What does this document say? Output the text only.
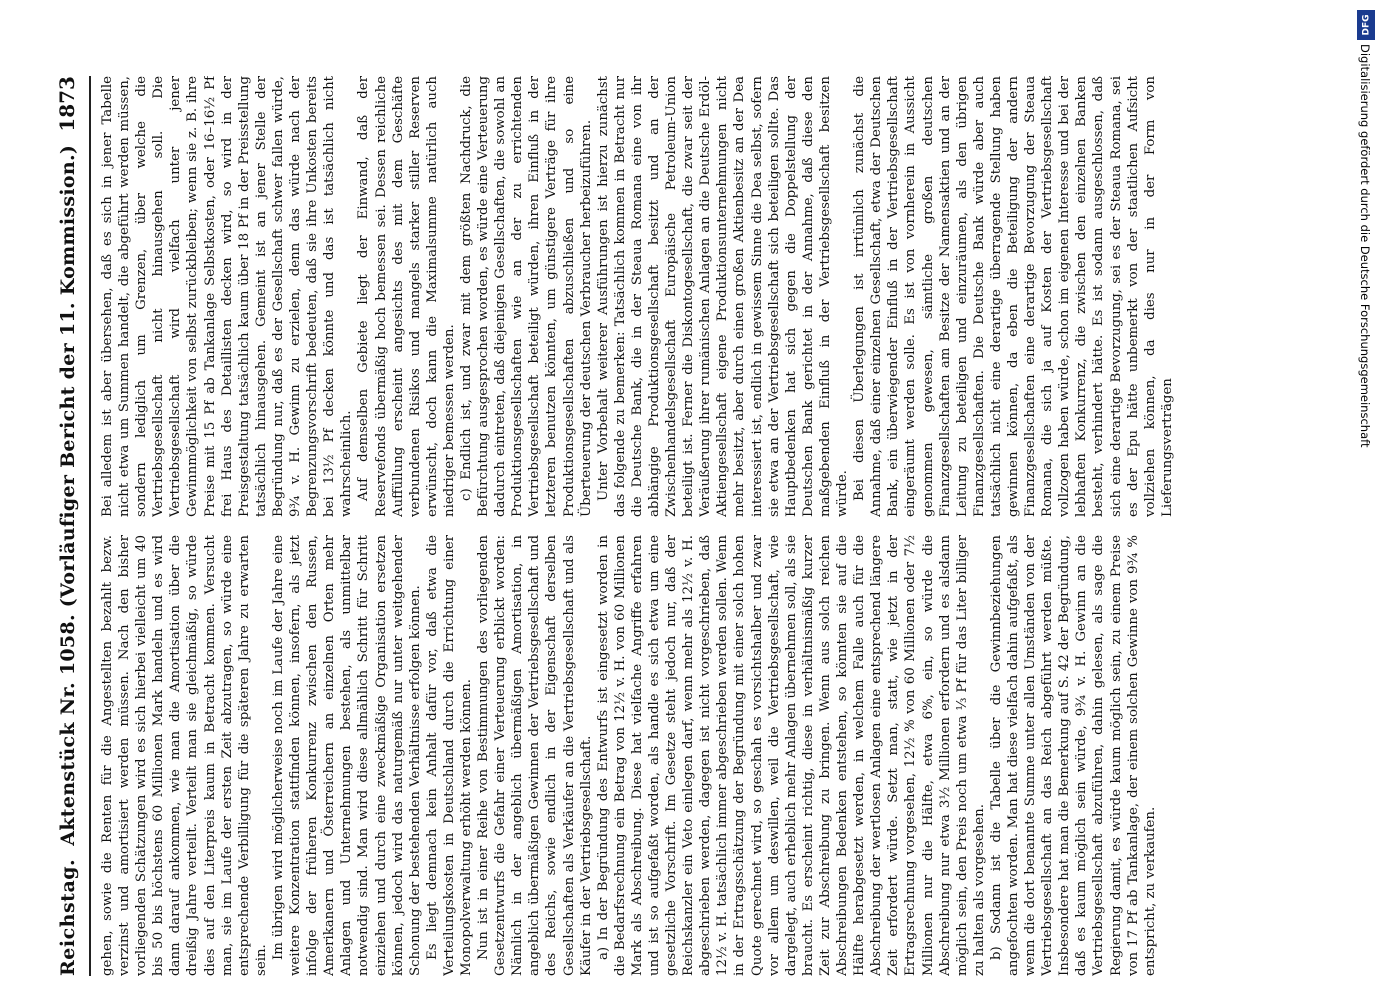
Reichstag.
Aktenstück Nr. 1058. (Vorläufiger Bericht der 11. Kommission.)
1873

gehen, sowie die Renten für die Angestellten bezahlt bezw. verzinst und amortisiert werden müssen. Nach den bisher vorliegenden Schätzungen wird es sich hierbei vielleicht um 40 bis 50 bis höchstens 60 Millionen Mark handeln und es wird dann darauf ankommen, wie man die Amortisation über die dreißig Jahre verteilt. Verteilt man sie gleichmäßig, so würde dies auf den Literpreis kaum in Betracht kommen. Versucht man, sie im Laufe der ersten Zeit abzutragen, so würde eine entsprechende Verbilligung für die späteren Jahre zu erwarten sein.

Im übrigen wird möglicherweise noch im Laufe der Jahre eine weitere Konzentration stattfinden können, insofern, als jetzt infolge der früheren Konkurrenz zwischen den Russen, Amerikanern und Österreichern an einzelnen Orten mehr Anlagen und Unternehmungen bestehen, als unmittelbar notwendig sind. Man wird diese allmählich Schritt für Schritt einziehen und durch eine zweckmäßige Organisation ersetzen können, jedoch wird das naturgemäß nur unter weitgehender Schonung der bestehenden Verhältnisse erfolgen können. Es liegt demnach kein Anhalt dafür vor, daß etwa die Verteilungskosten in Deutschland durch die Errichtung einer Monopolverwaltung erhöht werden können. Nun ist in einer Reihe von Bestimmungen des vorliegenden Gesetzentwurfs die Gefahr einer Verteuerung erblickt worden: Nämlich in der angeblich übermäßigen Amortisation, in angeblich übermäßigen Gewinnen der Vertriebsgesellschaft und des Reichs, sowie endlich in der Eigenschaft derselben Gesellschaften als Verkäufer an die Vertriebsgesellschaft und als Käufer in der Vertriebsgesellschaft. a) In der Begründung des Entwurfs ist eingesetzt worden in die Bedarfsrechnung ein Betrag von 12½ v. H. von 60 Millionen Mark als Abschreibung. Diese hat vielfache Angriffe erfahren und ist so aufgefaßt worden, als handle es sich etwa um eine gesetzliche Vorschrift. Im Gesetze steht jedoch nur, daß der Reichskanzler ein Veto einlegen darf, wenn mehr als 12½ v. H. abgeschrieben werden, dagegen ist nicht vorgeschrieben, daß 12½ v. H. tatsächlich immer abgeschrieben werden sollen. Wenn in der Ertragsschätzung der Begründung mit einer solch hohen Quote gerechnet wird, so geschah es vorsichtshalber und zwar vor allem um deswillen, weil die Vertriebsgesellschaft, wie dargelegt, auch erheblich mehr Anlagen übernehmen soll, als sie braucht. Es erscheint richtig, diese in verhältnismäßig kurzer Zeit zur Abschreibung zu bringen. Wenn aus solch reichen Abschreibungen Bedenken entstehen, so könnten sie auf die Hälfte herabgesetzt werden, in welchem Falle auch für die Abschreibung der wertlosen Anlagen eine entsprechend längere Zeit erfordert würde. Setzt man, statt, wie jetzt in der Ertragsrechnung vorgesehen, 12½ % von 60 Millionen oder 7½ Millionen nur die Hälfte, etwa 6%, ein, so würde die Abschreibung nur etwa 3½ Millionen erfordern und es alsdann möglich sein, den Preis noch um etwa ⅓ Pf für das Liter billiger zu halten als vorgesehen. b) Sodann ist die Tabelle über die Gewinnbeziehungen angefochten worden. Man hat diese vielfach dahin aufgefaßt, als wenn die dort benannte Summe unter allen Umständen von der Vertriebsgesellschaft an das Reich abgeführt werden müßte. Insbesondere hat man die Bemerkung auf S. 42 der Begründung, daß es kaum möglich sein würde, 9¾ v. H. Gewinn an die Vertriebsgesellschaft abzuführen, dahin gelesen, als sage die Regierung damit, es würde kaum möglich sein, zu einem Preise von 17 Pf ab Tankanlage, der einem solchen Gewinne von 9¾ % entspricht, zu verkaufen.

Bei alledem ist aber übersehen, daß es sich in jener Tabelle nicht etwa um Summen handelt, die abgeführt werden müssen, sondern lediglich um Grenzen, über welche die Vertriebsgesellschaft nicht hinausgehen soll. Die Vertriebsgesellschaft wird vielfach unter jener Gewinnmöglichkeit von selbst zurückbleiben; wenn sie z. B. ihre Preise mit 15 Pf ab Tankanlage Selbstkosten, oder 16–16½ Pf frei Haus des Detaillisten decken wird, so wird in der Preisgestaltung tatsächlich kaum über 18 Pf in der Preisstellung tatsächlich hinausgehen. Gemeint ist an jener Stelle der Begründung nur, daß es der Gesellschaft schwer fallen würde, 9¾ v. H. Gewinn zu erzielen, denn das würde nach der Begrenzungsvorschrift bedeuten, daß sie ihre Unkosten bereits bei 13½ Pf decken könnte und das ist tatsächlich nicht wahrscheinlich. Auf demselben Gebiete liegt der Einwand, daß der Reservefonds übermäßig hoch bemessen sei. Dessen reichliche Auffüllung erscheint angesichts des mit dem Geschäfte verbundenen Risikos und mangels starker stiller Reserven erwünscht, doch kann die Maximalsumme natürlich auch niedriger bemessen werden. c) Endlich ist, und zwar mit dem größten Nachdruck, die Befürchtung ausgesprochen worden, es würde eine Verteuerung dadurch eintreten, daß diejenigen Gesellschaften, die sowohl an Produktionsgesellschaften wie an der zu errichtenden Vertriebsgesellschaft beteiligt würden, ihren Einfluß in der letzteren benutzen könnten, um günstigere Verträge für ihre Produktionsgesellschaften abzuschließen und so eine Überteuerung der deutschen Verbraucher herbeizuführen. Unter Vorbehalt weiterer Ausführungen ist hierzu zunächst das folgende zu bemerken: Tatsächlich kommen in Betracht nur die Deutsche Bank, die in der Steaua Romana eine von ihr abhängige Produktionsgesellschaft besitzt und an der Zwischenhandelsgesellschaft Europäische Petroleum-Union beteiligt ist. Ferner die Diskontogesellschaft, die zwar seit der Veräußerung ihrer rumänischen Anlagen an die Deutsche Erdöl-Aktiengesellschaft eigene Produktionsunternehmungen nicht mehr besitzt, aber durch einen großen Aktienbesitz an der Dea interessiert ist, endlich in gewissem Sinne die Dea selbst, sofern sie etwa an der Vertriebsgesellschaft sich beteiligen sollte. Das Hauptbedenken hat sich gegen die Doppelstellung der Deutschen Bank gerichtet in der Annahme, daß diese den maßgebenden Einfluß in der Vertriebsgesellschaft besitzen würde. Bei diesen Überlegungen ist irrtümlich zunächst die Annahme, daß einer einzelnen Gesellschaft, etwa der Deutschen Bank, ein überwiegender Einfluß in der Vertriebsgesellschaft eingeräumt werden solle. Es ist von vornherein in Aussicht genommen gewesen, sämtliche großen deutschen Finanzgesellschaften am Besitze der Namensaktien und an der Leitung zu beteiligen und einzuräumen, als den übrigen Finanzgesellschaften. Die Deutsche Bank würde aber auch tatsächlich nicht eine derartige überragende Stellung haben gewinnen können, da eben die Beteiligung der andern Finanzgesellschaften eine derartige Bevorzugung der Steaua Romana, die sich ja auf Kosten der Vertriebsgesellschaft vollzogen haben würde, schon im eigenen Interesse und bei der lebhaften Konkurrenz, die zwischen den einzelnen Banken besteht, verhindert hätte. Es ist sodann ausgeschlossen, daß sich eine derartige Bevorzugung, sei es der Steaua Romana, sei es der Epu hätte unbemerkt von der staatlichen Aufsicht vollziehen können, da dies nur in der Form von Lieferungsverträgen

DFG
Digitalisierung gefördert durch die Deutsche Forschungsgemeinschaft
